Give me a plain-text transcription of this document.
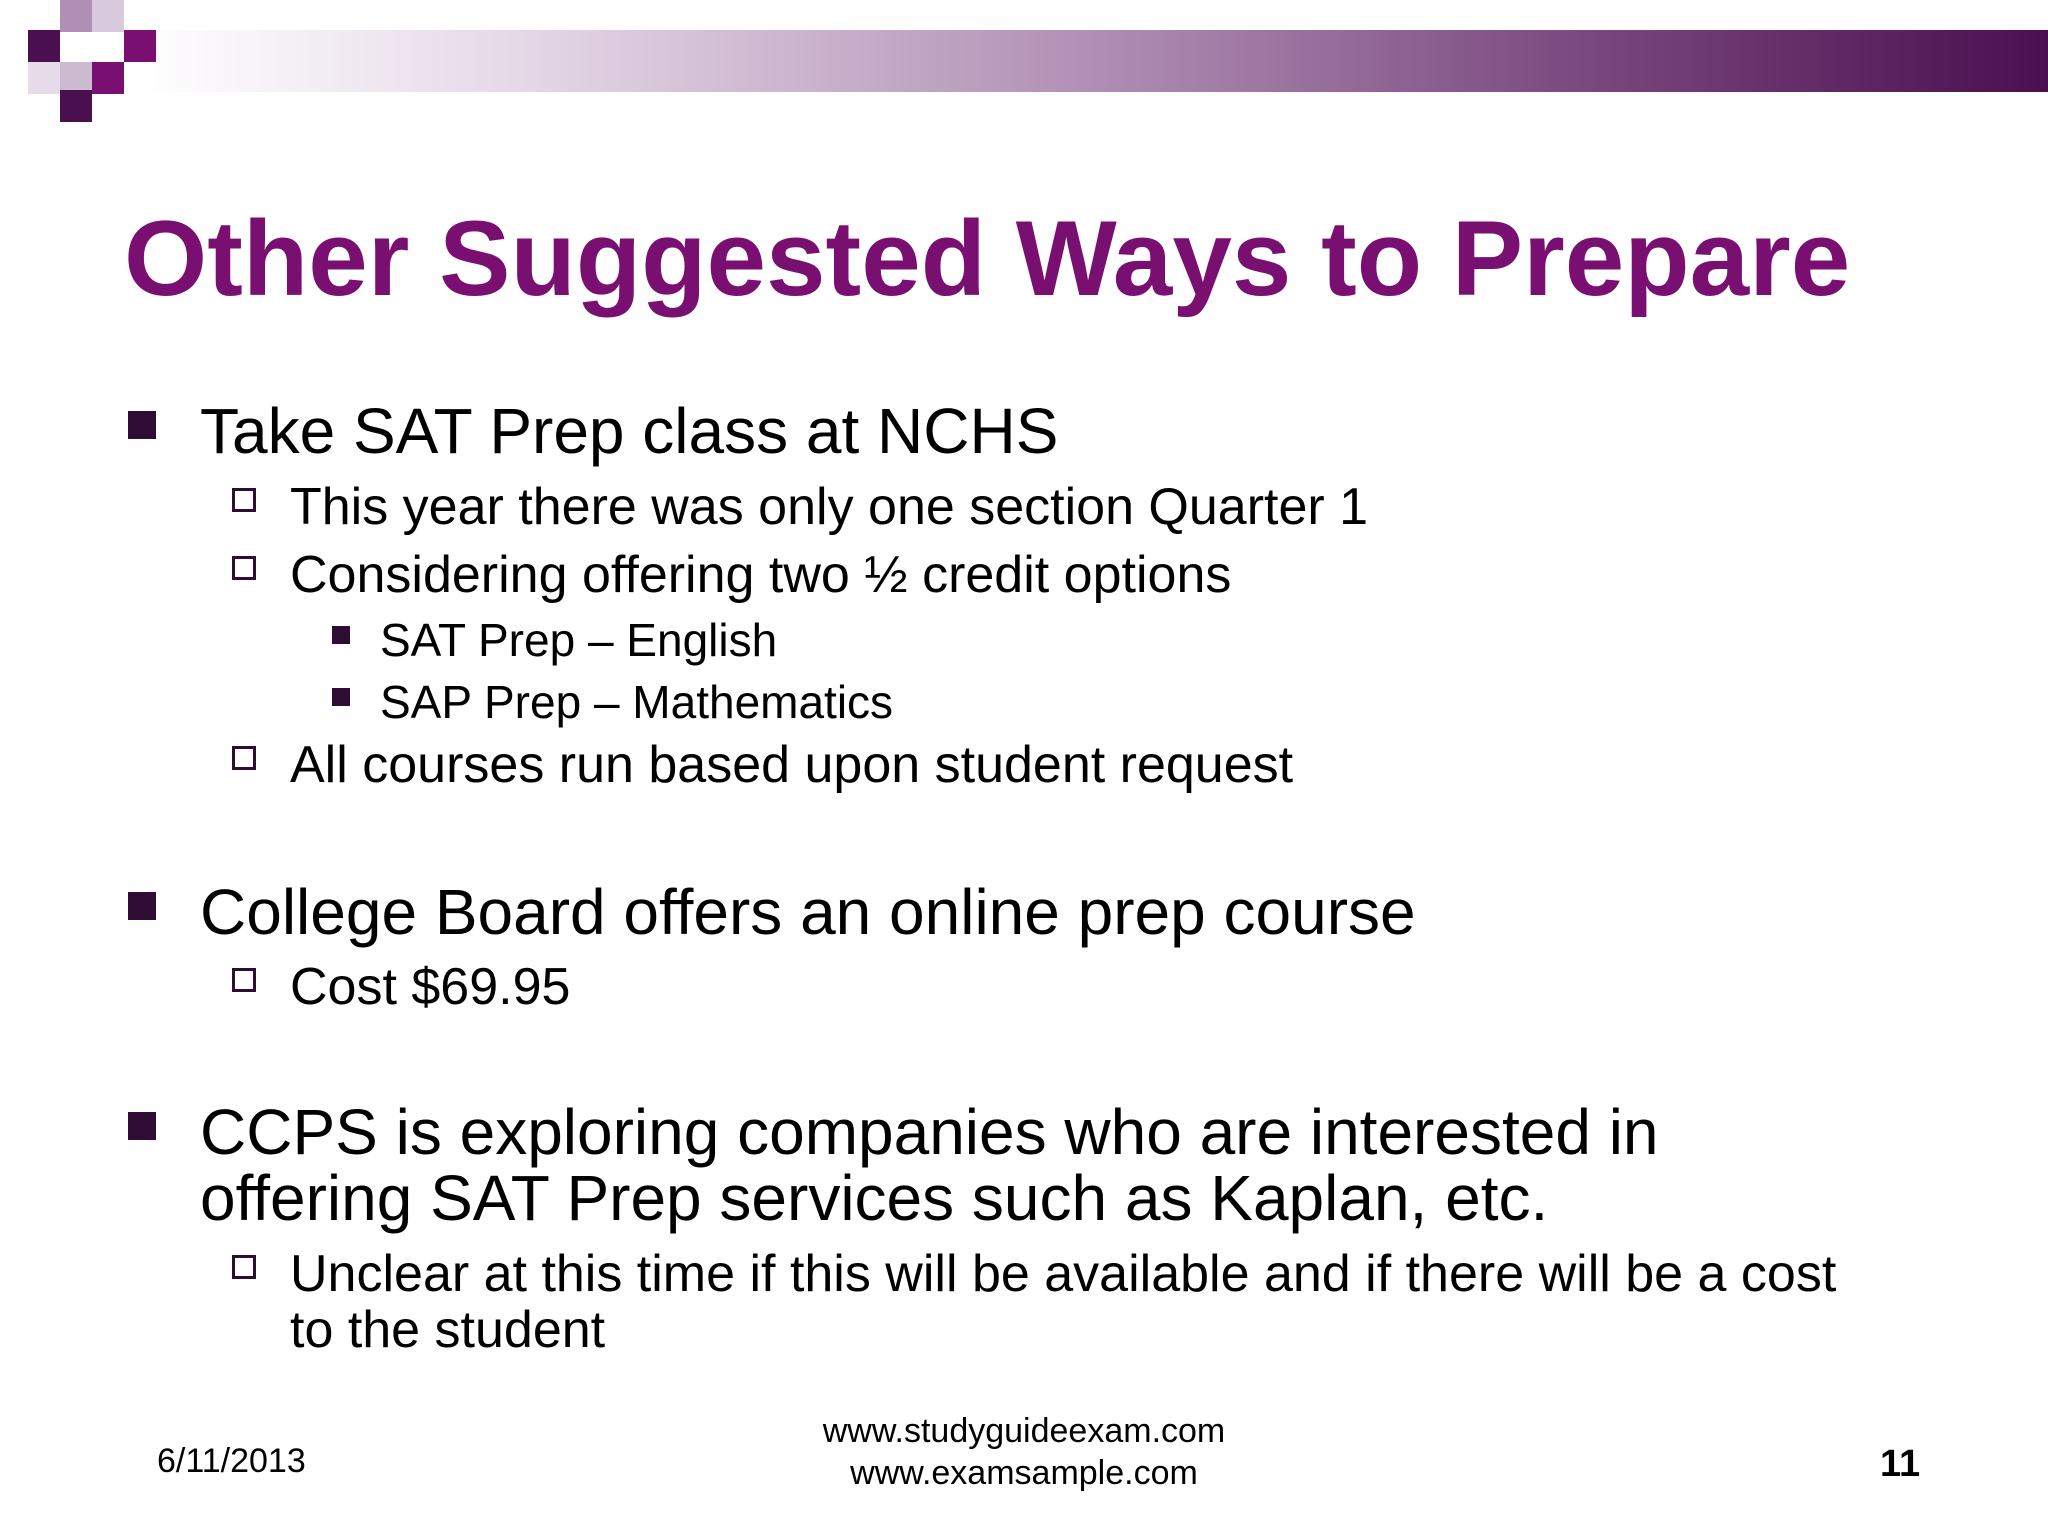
Other Suggested Ways to Prepare
Take SAT Prep class at NCHS
This year there was only one section Quarter 1
Considering offering two ½ credit options
SAT Prep – English
SAP Prep – Mathematics
All courses run based upon student request
College Board offers an online prep course
Cost $69.95
CCPS is exploring companies who are interested in
offering SAT Prep services such as Kaplan, etc.
Unclear at this time if this will be available and if there will be a cost
to the student
6/11/2013
www.studyguideexam.com
www.examsample.com	11
